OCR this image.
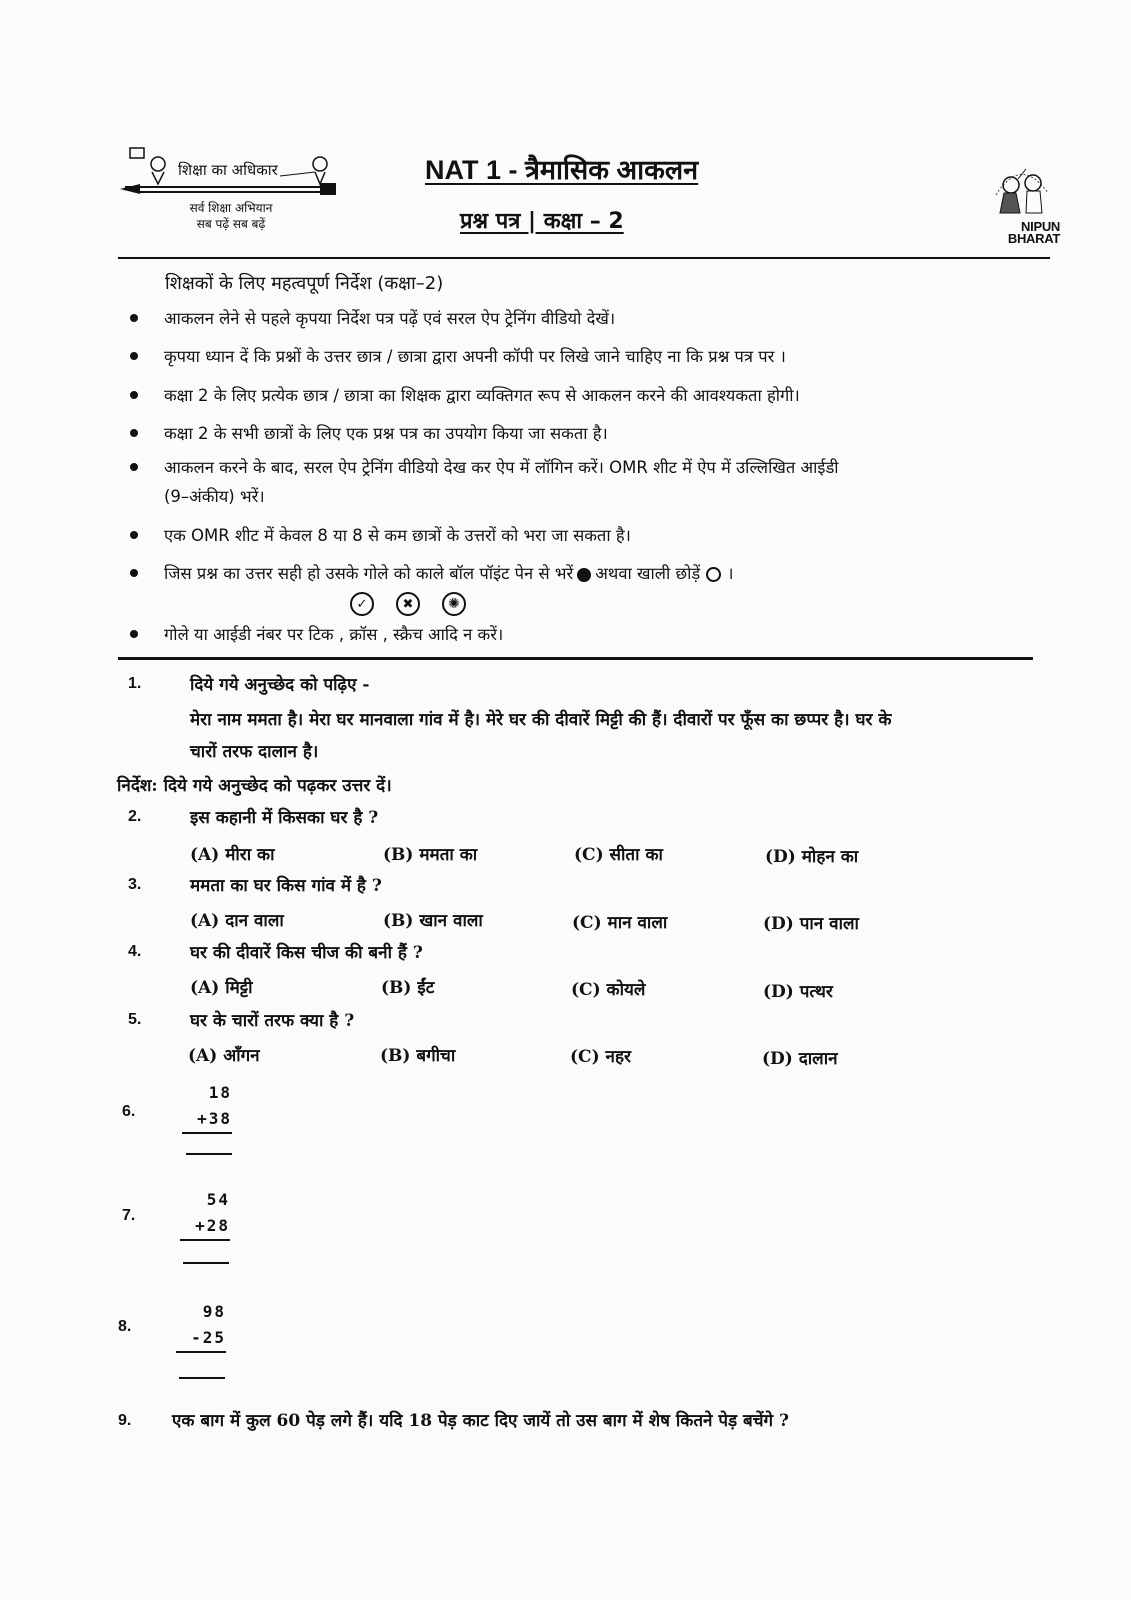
शिक्षा का अधिकार
सर्व शिक्षा अभियान
सब पढ़ें सब बढ़ें
NAT 1 - त्रैमासिक आकलन
प्रश्न पत्र | कक्षा – 2	NIPUN
BHARAT
शिक्षकों के लिए महत्वपूर्ण निर्देश (कक्षा–2)
आकलन लेने से पहले कृपया निर्देश पत्र पढ़ें एवं सरल ऐप ट्रेनिंग वीडियो देखें।
कृपया ध्यान दें कि प्रश्नों के उत्तर छात्र / छात्रा द्वारा अपनी कॉपी पर लिखे जाने चाहिए ना कि प्रश्न पत्र पर ।
कक्षा 2 के लिए प्रत्येक छात्र / छात्रा का शिक्षक द्वारा व्यक्तिगत रूप से आकलन करने की आवश्यकता होगी।
कक्षा 2 के सभी छात्रों के लिए एक प्रश्न पत्र का उपयोग किया जा सकता है।
आकलन करने के बाद, सरल ऐप ट्रेनिंग वीडियो देख कर ऐप में लॉगिन करें। OMR शीट में ऐप में उल्लिखित आईडी
(9–अंकीय) भरें।
एक OMR शीट में केवल 8 या 8 से कम छात्रों के उत्तरों को भरा जा सकता है।
जिस प्रश्न का उत्तर सही हो उसके गोले को काले बॉल पॉइंट पेन से भरें अथवा खाली छोड़ें ।
✓	✖	✺
गोले या आईडी नंबर पर टिक , क्रॉस , स्क्रैच आदि न करें।
1.	दिये गये अनुच्छेद को पढ़िए -
मेरा नाम ममता है। मेरा घर मानवाला गांव में है। मेरे घर की दीवारें मिट्टी की हैं। दीवारों पर फूँस का छप्पर है। घर के
चारों तरफ दालान है।
निर्देश: दिये गये अनुच्छेद को पढ़कर उत्तर दें।
2.	इस कहानी में किसका घर है ?
(A) मीरा का	(B) ममता का	(C) सीता का	(D) मोहन का
3.	ममता का घर किस गांव में है ?
(A) दान वाला	(B) खान वाला	(C) मान वाला	(D) पान वाला
4.	घर की दीवारें किस चीज की बनी हैं ?
(A) मिट्टी	(B) ईंट	(C) कोयले	(D) पत्थर
5.	घर के चारों तरफ क्या है ?
(A) आँगन	(B) बगीचा	(C) नहर	(D) दालान
6.
18
+38
7.
54
+28
8.
98
-25
9. एक बाग में कुल 60 पेड़ लगे हैं। यदि 18 पेड़ काट दिए जायें तो उस बाग में शेष कितने पेड़ बचेंगे ?
